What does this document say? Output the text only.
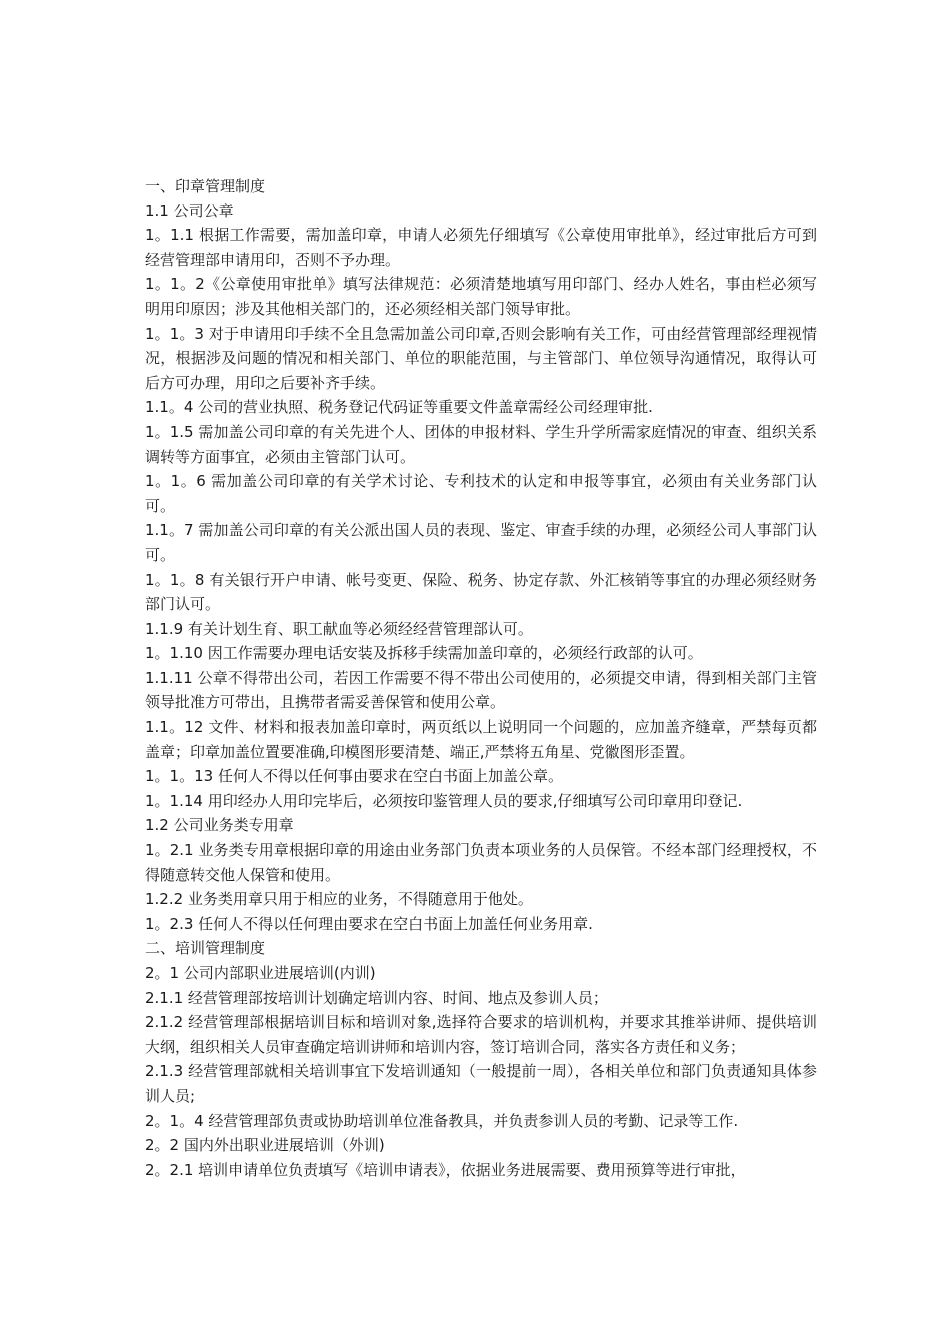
一、印章管理制度

1.1 公司公章

1。1.1 根据工作需要，需加盖印章，申请人必须先仔细填写《公章使用审批单》，经过审批后方可到经营管理部申请用印，否则不予办理。

1。1。2《公章使用审批单》填写法律规范：必须清楚地填写用印部门、经办人姓名，事由栏必须写明用印原因；涉及其他相关部门的，还必须经相关部门领导审批。

1。1。3 对于申请用印手续不全且急需加盖公司印章,否则会影响有关工作，可由经营管理部经理视情况，根据涉及问题的情况和相关部门、单位的职能范围，与主管部门、单位领导沟通情况，取得认可后方可办理，用印之后要补齐手续。

1.1。4 公司的营业执照、税务登记代码证等重要文件盖章需经公司经理审批.

1。1.5 需加盖公司印章的有关先进个人、团体的申报材料、学生升学所需家庭情况的审查、组织关系调转等方面事宜，必须由主管部门认可。

1。1。6 需加盖公司印章的有关学术讨论、专利技术的认定和申报等事宜，必须由有关业务部门认可。

1.1。7 需加盖公司印章的有关公派出国人员的表现、鉴定、审查手续的办理，必须经公司人事部门认可。

1。1。8 有关银行开户申请、帐号变更、保险、税务、协定存款、外汇核销等事宜的办理必须经财务部门认可。

1.1.9 有关计划生育、职工献血等必须经经营管理部认可。

1。1.10 因工作需要办理电话安装及拆移手续需加盖印章的，必须经行政部的认可。

1.1.11 公章不得带出公司，若因工作需要不得不带出公司使用的，必须提交申请，得到相关部门主管领导批准方可带出，且携带者需妥善保管和使用公章。

1.1。12 文件、材料和报表加盖印章时，两页纸以上说明同一个问题的，应加盖齐缝章，严禁每页都盖章；印章加盖位置要准确,印模图形要清楚、端正,严禁将五角星、党徽图形歪置。

1。1。13 任何人不得以任何事由要求在空白书面上加盖公章。

1。1.14 用印经办人用印完毕后，必须按印鉴管理人员的要求,仔细填写公司印章用印登记.

1.2 公司业务类专用章

1。2.1 业务类专用章根据印章的用途由业务部门负责本项业务的人员保管。不经本部门经理授权，不得随意转交他人保管和使用。

1.2.2 业务类用章只用于相应的业务，不得随意用于他处。

1。2.3 任何人不得以任何理由要求在空白书面上加盖任何业务用章.

二、培训管理制度

2。1 公司内部职业进展培训(内训)

2.1.1 经营管理部按培训计划确定培训内容、时间、地点及参训人员；

2.1.2 经营管理部根据培训目标和培训对象,选择符合要求的培训机构，并要求其推举讲师、提供培训大纲，组织相关人员审查确定培训讲师和培训内容，签订培训合同，落实各方责任和义务；

2.1.3 经营管理部就相关培训事宜下发培训通知（一般提前一周），各相关单位和部门负责通知具体参训人员;

2。1。4 经营管理部负责或协助培训单位准备教具，并负责参训人员的考勤、记录等工作.

2。2 国内外出职业进展培训（外训)

2。2.1 培训申请单位负责填写《培训申请表》，依据业务进展需要、费用预算等进行审批，
